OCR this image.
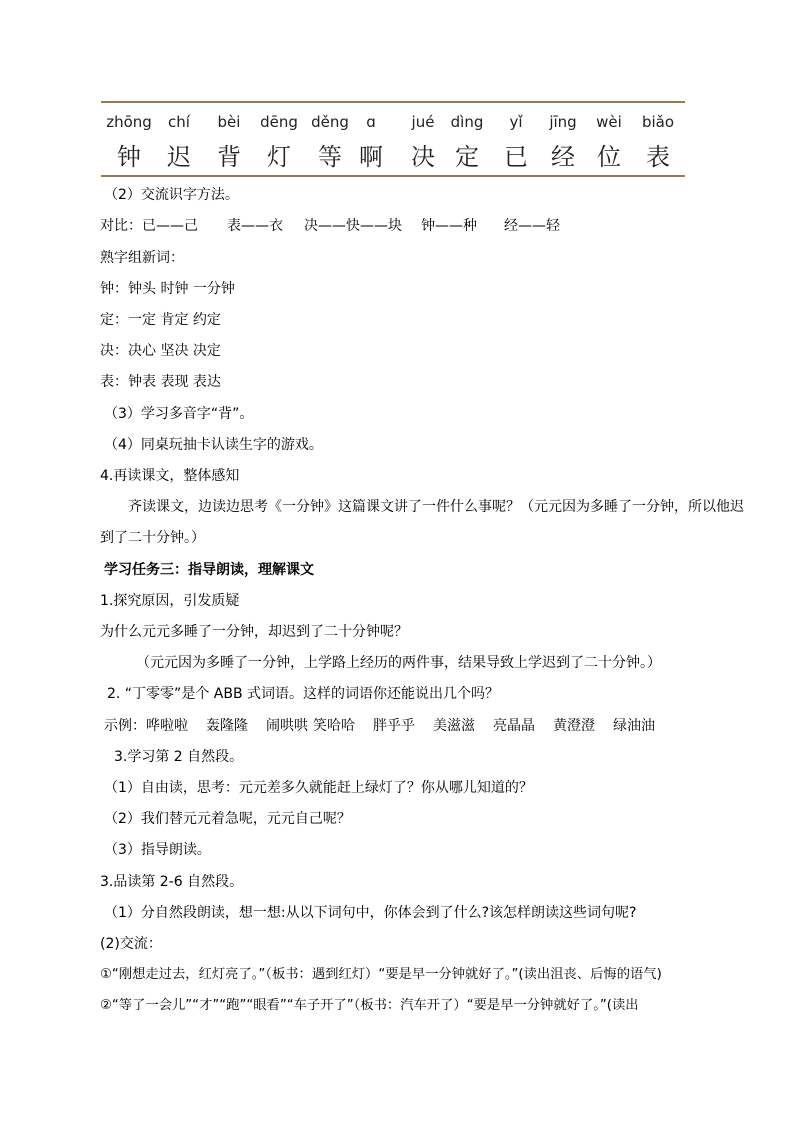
zhōng
钟
chí
迟
bèi
背
dēng
灯
děng
等
ɑ
啊
jué
决
dìng
定
yǐ
已
jīng
经
wèi
位
biǎo
表
（2）交流识字方法。
对比：已——己 表——衣 决——快——块 钟——种 经——轻
熟字组新词：
钟：钟头 时钟 一分钟
定：一定 肯定 约定
决：决心 坚决 决定
表：钟表 表现 表达
（3）学习多音字“背”。
（4）同桌玩抽卡认读生字的游戏。
4.再读课文，整体感知
齐读课文，边读边思考《一分钟》这篇课文讲了一件什么事呢？（元元因为多睡了一分钟，所以他迟
到了二十分钟。）
学习任务三：指导朗读，理解课文
1.探究原因，引发质疑
为什么元元多睡了一分钟，却迟到了二十分钟呢？
（元元因为多睡了一分钟，上学路上经历的两件事，结果导致上学迟到了二十分钟。）
2. “丁零零”是个 ABB 式词语。这样的词语你还能说出几个吗？
示例：哗啦啦 轰隆隆 闹哄哄 笑哈哈 胖乎乎 美滋滋 亮晶晶 黄澄澄 绿油油
3.学习第 2 自然段。
（1）自由读，思考：元元差多久就能赶上绿灯了？你从哪儿知道的？
（2）我们替元元着急呢，元元自己呢？
（3）指导朗读。
3.品读第 2-6 自然段。
（1）分自然段朗读，想一想:从以下词句中，你体会到了什么?该怎样朗读这些词句呢?
(2)交流：
①“刚想走过去，红灯亮了。”（板书：遇到红灯）“要是早一分钟就好了。”(读出沮丧、后悔的语气)
②“等了一会儿”“才”“跑”“眼看”“车子开了”（板书：汽车开了）“要是早一分钟就好了。”(读出
